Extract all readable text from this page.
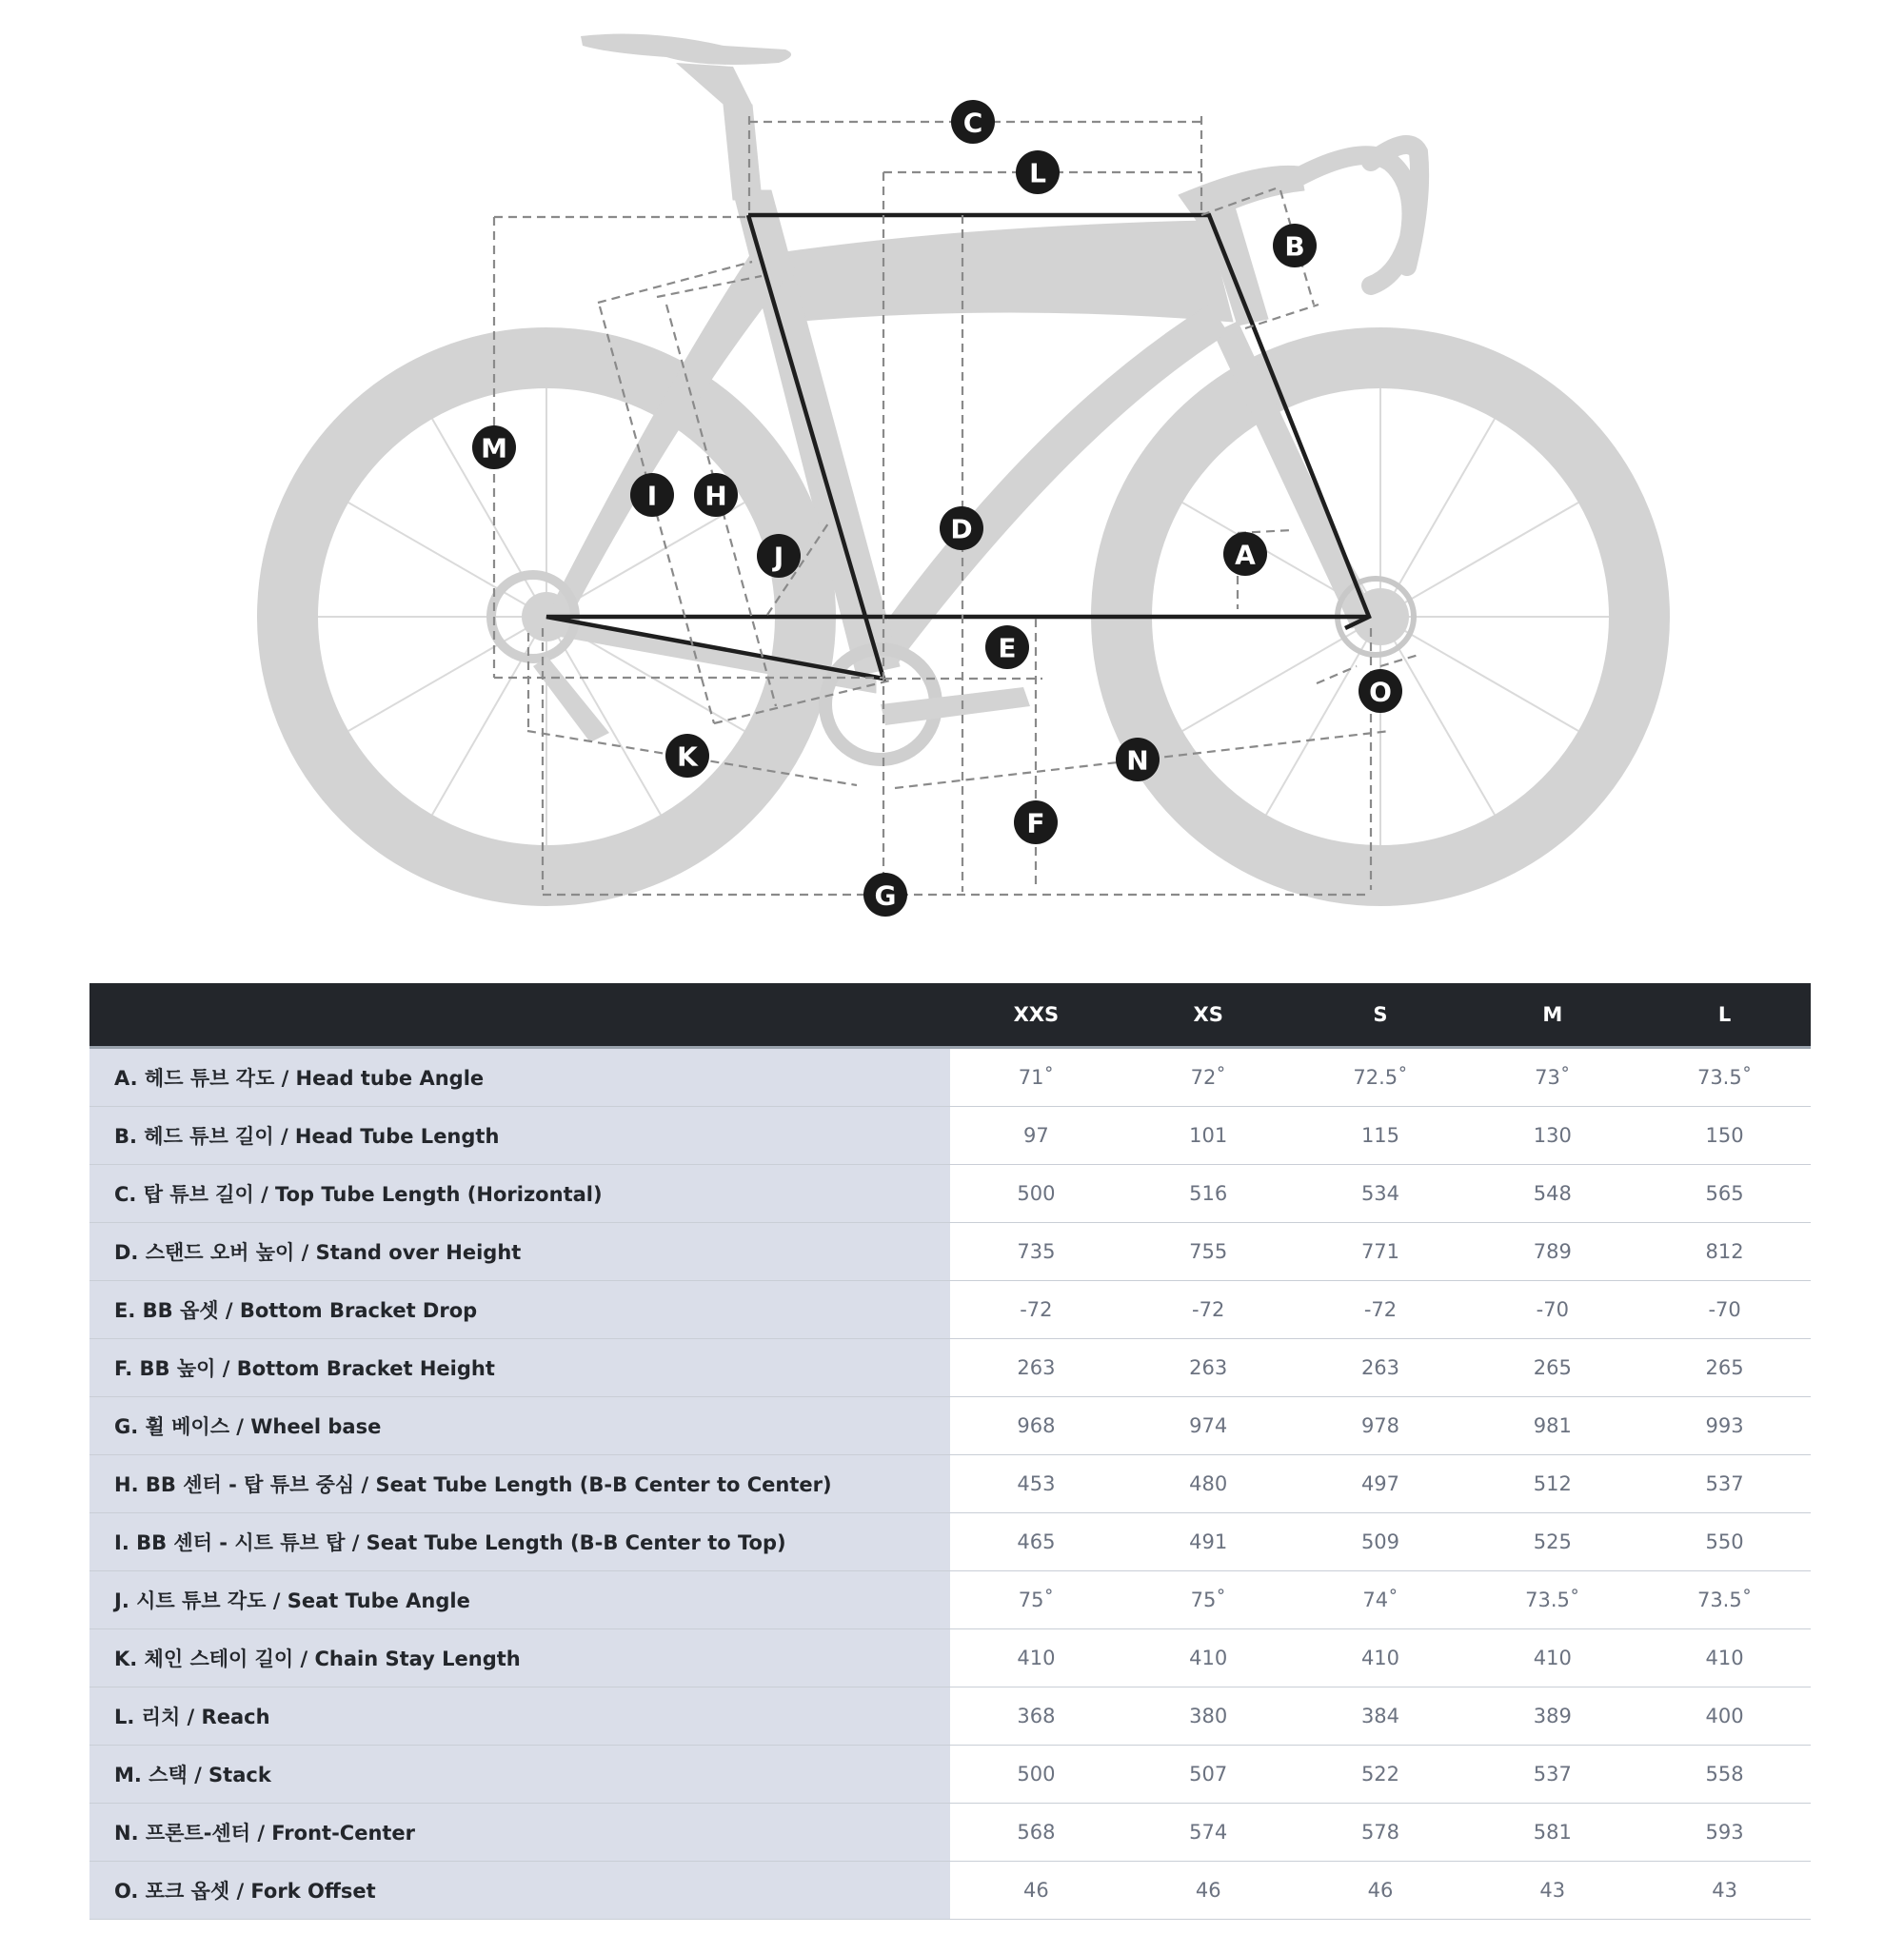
C
L
B
M
I H
J
D
A
E
O
K	N
F
G
	XXS	XS	S	M	L
A. 헤드 튜브 각도 / Head tube Angle	71˚	72˚	72.5˚	73˚	73.5˚
B. 헤드 튜브 길이 / Head Tube Length	97	101	115	130	150
C. 탑 튜브 길이 / Top Tube Length (Horizontal)	500	516	534	548	565
D. 스탠드 오버 높이 / Stand over Height	735	755	771	789	812
E. BB 옵셋 / Bottom Bracket Drop	-72	-72	-72	-70	-70
F. BB 높이 / Bottom Bracket Height	263	263	263	265	265
G. 휠 베이스 / Wheel base	968	974	978	981	993
H. BB 센터 - 탑 튜브 중심 / Seat Tube Length (B-B Center to Center)	453	480	497	512	537
I. BB 센터 - 시트 튜브 탑 / Seat Tube Length (B-B Center to Top)	465	491	509	525	550
J. 시트 튜브 각도 / Seat Tube Angle	75˚	75˚	74˚	73.5˚	73.5˚
K. 체인 스테이 길이 / Chain Stay Length	410	410	410	410	410
L. 리치 / Reach	368	380	384	389	400
M. 스택 / Stack	500	507	522	537	558
N. 프론트-센터 / Front-Center	568	574	578	581	593
O. 포크 옵셋 / Fork Offset	46	46	46	43	43
